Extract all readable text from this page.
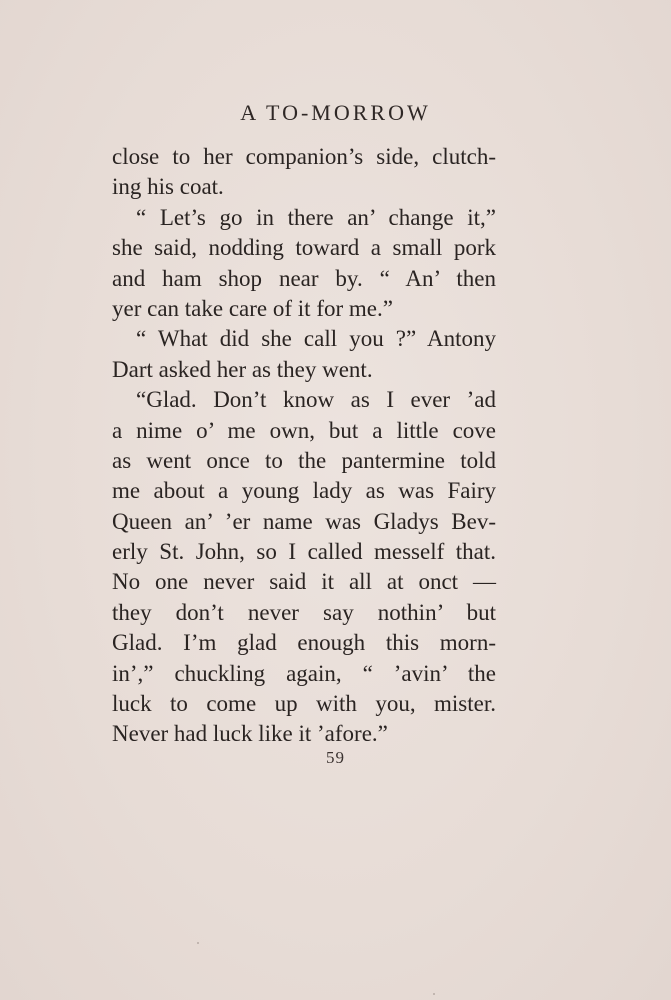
A TO-MORROW
close to her companion’s side, clutch-
ing his coat.
“ Let’s go in there an’ change it,”
she said, nodding toward a small pork
and ham shop near by. “ An’ then
yer can take care of it for me.”
“ What did she call you ?” Antony
Dart asked her as they went.
“Glad. Don’t know as I ever ’ad
a nime o’ me own, but a little cove
as went once to the pantermine told
me about a young lady as was Fairy
Queen an’ ’er name was Gladys Bev-
erly St. John, so I called mesself that.
No one never said it all at onct —
they don’t never say nothin’ but
Glad. I’m glad enough this morn-
in’,” chuckling again, “ ’avin’ the
luck to come up with you, mister.
Never had luck like it ’afore.”
59
